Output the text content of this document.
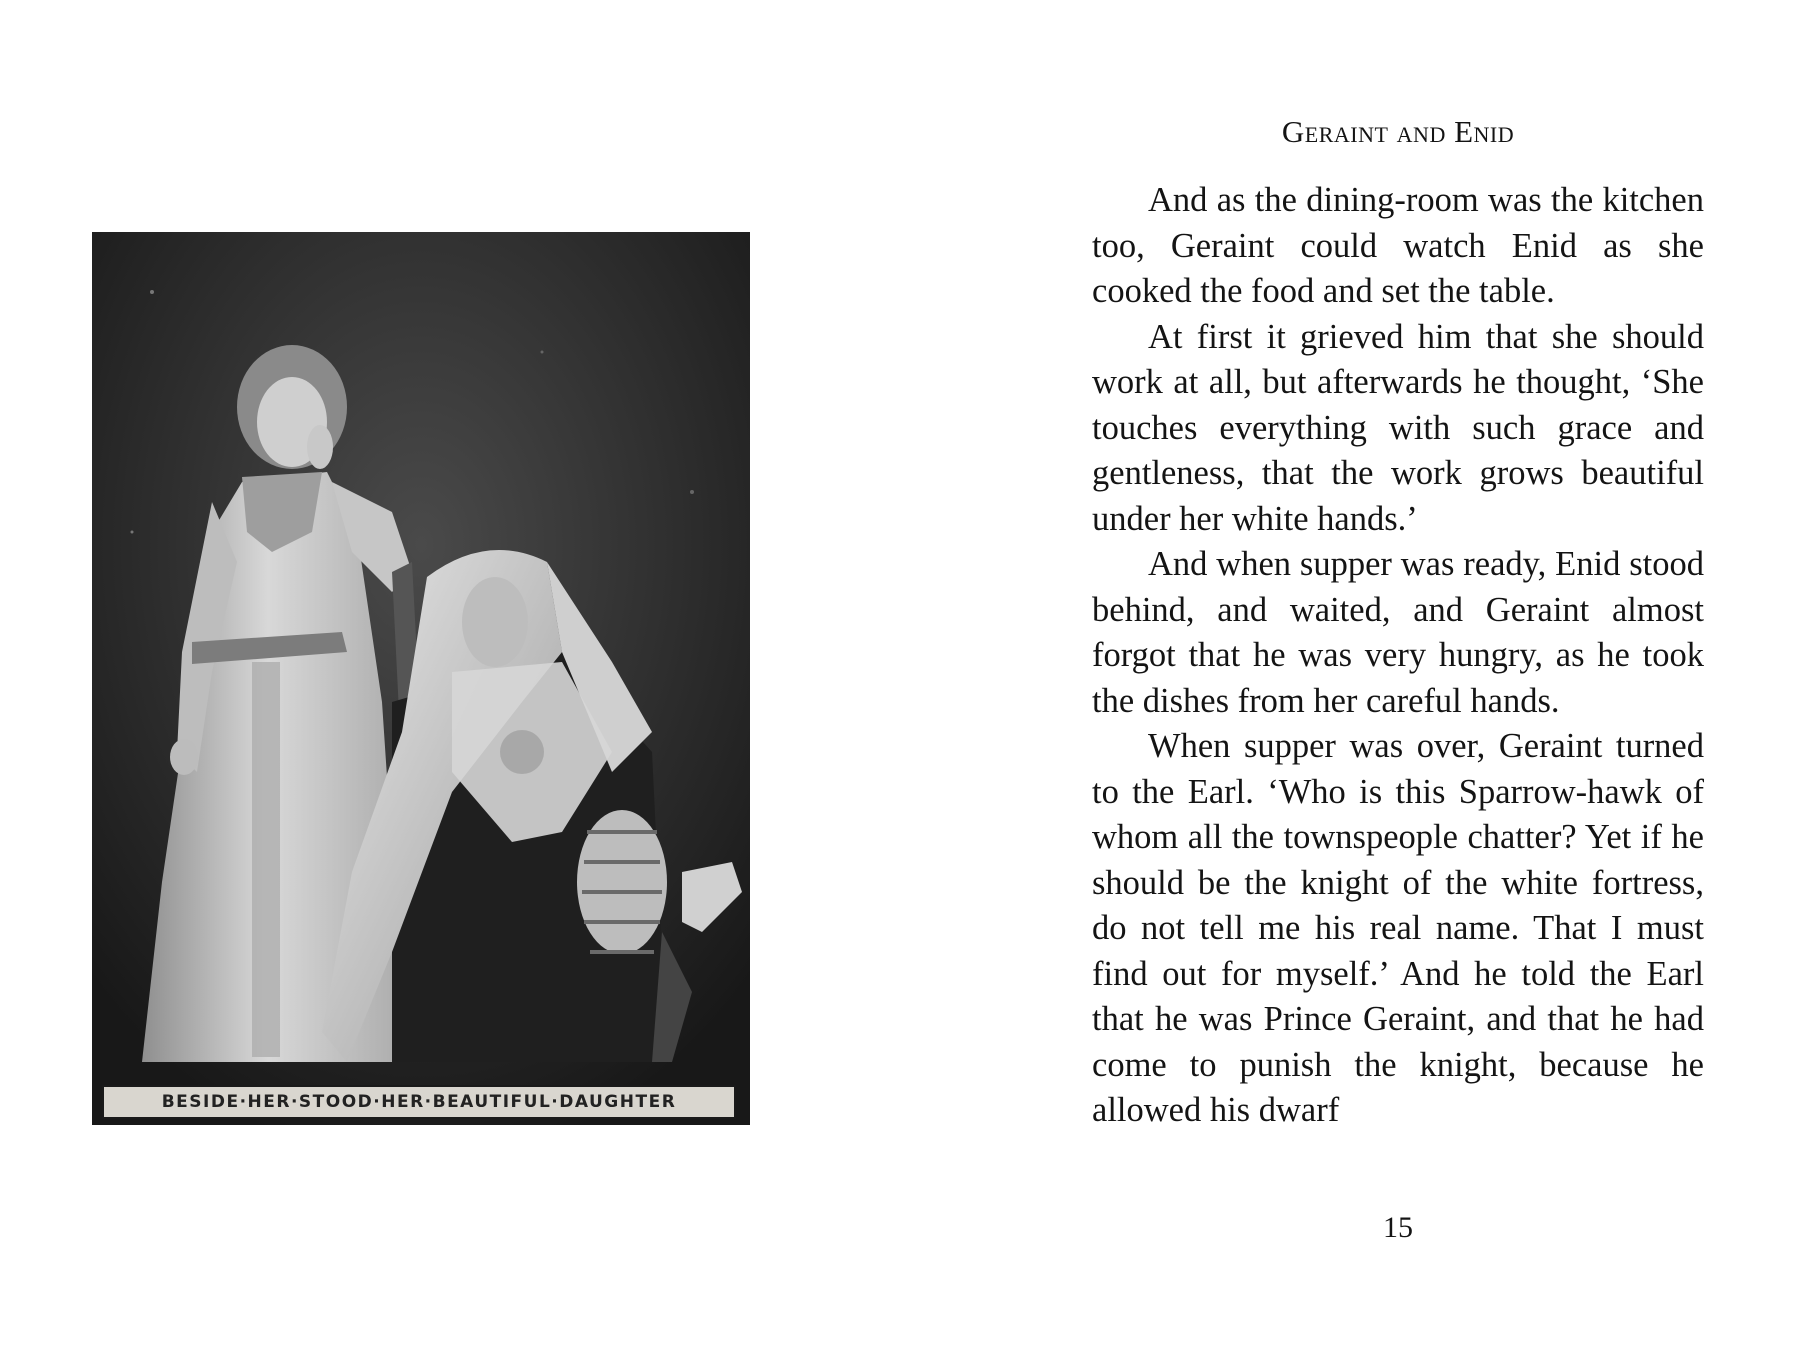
BESIDE·HER·STOOD·HER·BEAUTIFUL·DAUGHTER
Geraint and Enid

And as the dining-room was the kitchen too, Geraint could watch Enid as she cooked the food and set the table.

At first it grieved him that she should work at all, but afterwards he thought, ‘She touches everything with such grace and gentleness, that the work grows beautiful under her white hands.’

And when supper was ready, Enid stood behind, and waited, and Geraint almost forgot that he was very hungry, as he took the dishes from her careful hands.

When supper was over, Geraint turned to the Earl. ‘Who is this Sparrow-hawk of whom all the townspeople chatter? Yet if he should be the knight of the white fortress, do not tell me his real name. That I must find out for myself.’ And he told the Earl that he was Prince Geraint, and that he had come to punish the knight, because he allowed his dwarf

15
